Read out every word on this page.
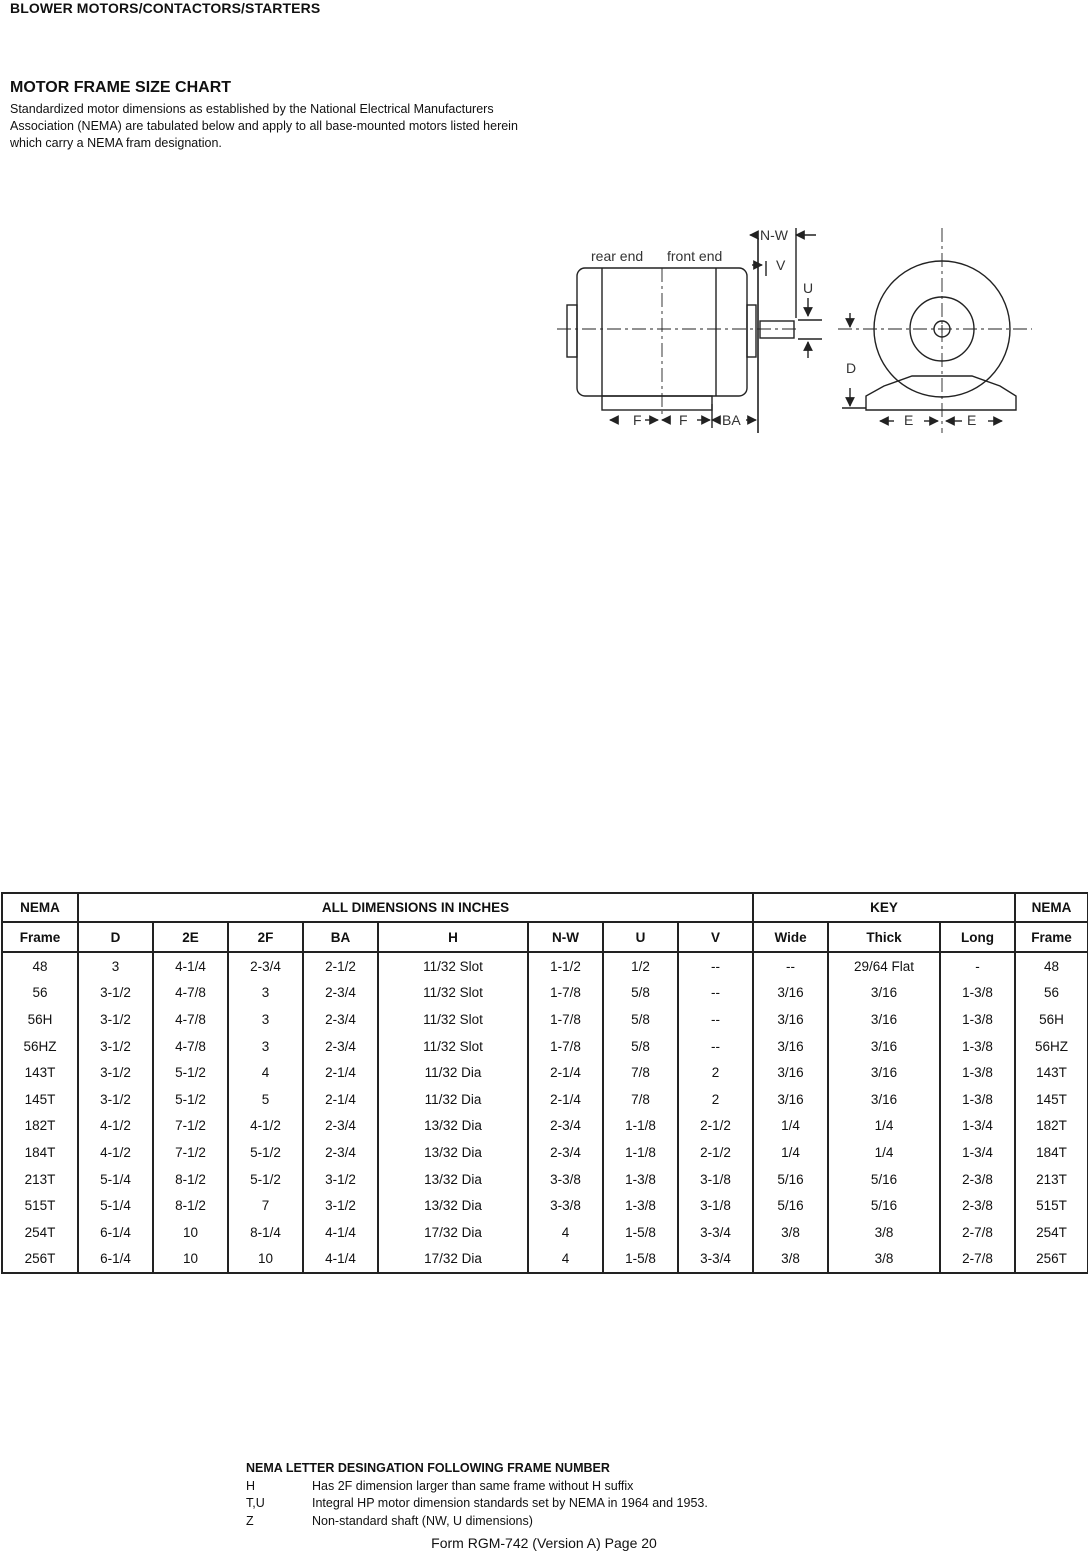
BLOWER MOTORS/CONTACTORS/STARTERS
MOTOR FRAME SIZE CHART
Standardized motor dimensions as established by the National Electrical Manufacturers
Association (NEMA) are tabulated below and apply to all base-mounted motors listed herein
which carry a NEMA fram designation.
rear end front end
N-W
V
U
D
F	F BA	E	E
NEMA	ALL DIMENSIONS IN INCHES								KEY			NEMA
Frame	D	2E	2F	BA	H	N-W	U	V	Wide	Thick	Long	Frame
48	3	4-1/4	2-3/4	2-1/2	11/32 Slot	1-1/2	1/2	--	--	29/64 Flat	-	48
56	3-1/2	4-7/8	3	2-3/4	11/32 Slot	1-7/8	5/8	--	3/16	3/16	1-3/8	56
56H	3-1/2	4-7/8	3	2-3/4	11/32 Slot	1-7/8	5/8	--	3/16	3/16	1-3/8	56H
56HZ	3-1/2	4-7/8	3	2-3/4	11/32 Slot	1-7/8	5/8	--	3/16	3/16	1-3/8	56HZ
143T	3-1/2	5-1/2	4	2-1/4	11/32 Dia	2-1/4	7/8	2	3/16	3/16	1-3/8	143T
145T	3-1/2	5-1/2	5	2-1/4	11/32 Dia	2-1/4	7/8	2	3/16	3/16	1-3/8	145T
182T	4-1/2	7-1/2	4-1/2	2-3/4	13/32 Dia	2-3/4	1-1/8	2-1/2	1/4	1/4	1-3/4	182T
184T	4-1/2	7-1/2	5-1/2	2-3/4	13/32 Dia	2-3/4	1-1/8	2-1/2	1/4	1/4	1-3/4	184T
213T	5-1/4	8-1/2	5-1/2	3-1/2	13/32 Dia	3-3/8	1-3/8	3-1/8	5/16	5/16	2-3/8	213T
515T	5-1/4	8-1/2	7	3-1/2	13/32 Dia	3-3/8	1-3/8	3-1/8	5/16	5/16	2-3/8	515T
254T	6-1/4	10	8-1/4	4-1/4	17/32 Dia	4	1-5/8	3-3/4	3/8	3/8	2-7/8	254T
256T	6-1/4	10	10	4-1/4	17/32 Dia	4	1-5/8	3-3/4	3/8	3/8	2-7/8	256T
NEMA LETTER DESINGATION FOLLOWING FRAME NUMBER
H	Has 2F dimension larger than same frame without H suffix
T,U	Integral HP motor dimension standards set by NEMA in 1964 and 1953.
Z	Non-standard shaft (NW, U dimensions)
Form RGM-742 (Version A) Page 20
